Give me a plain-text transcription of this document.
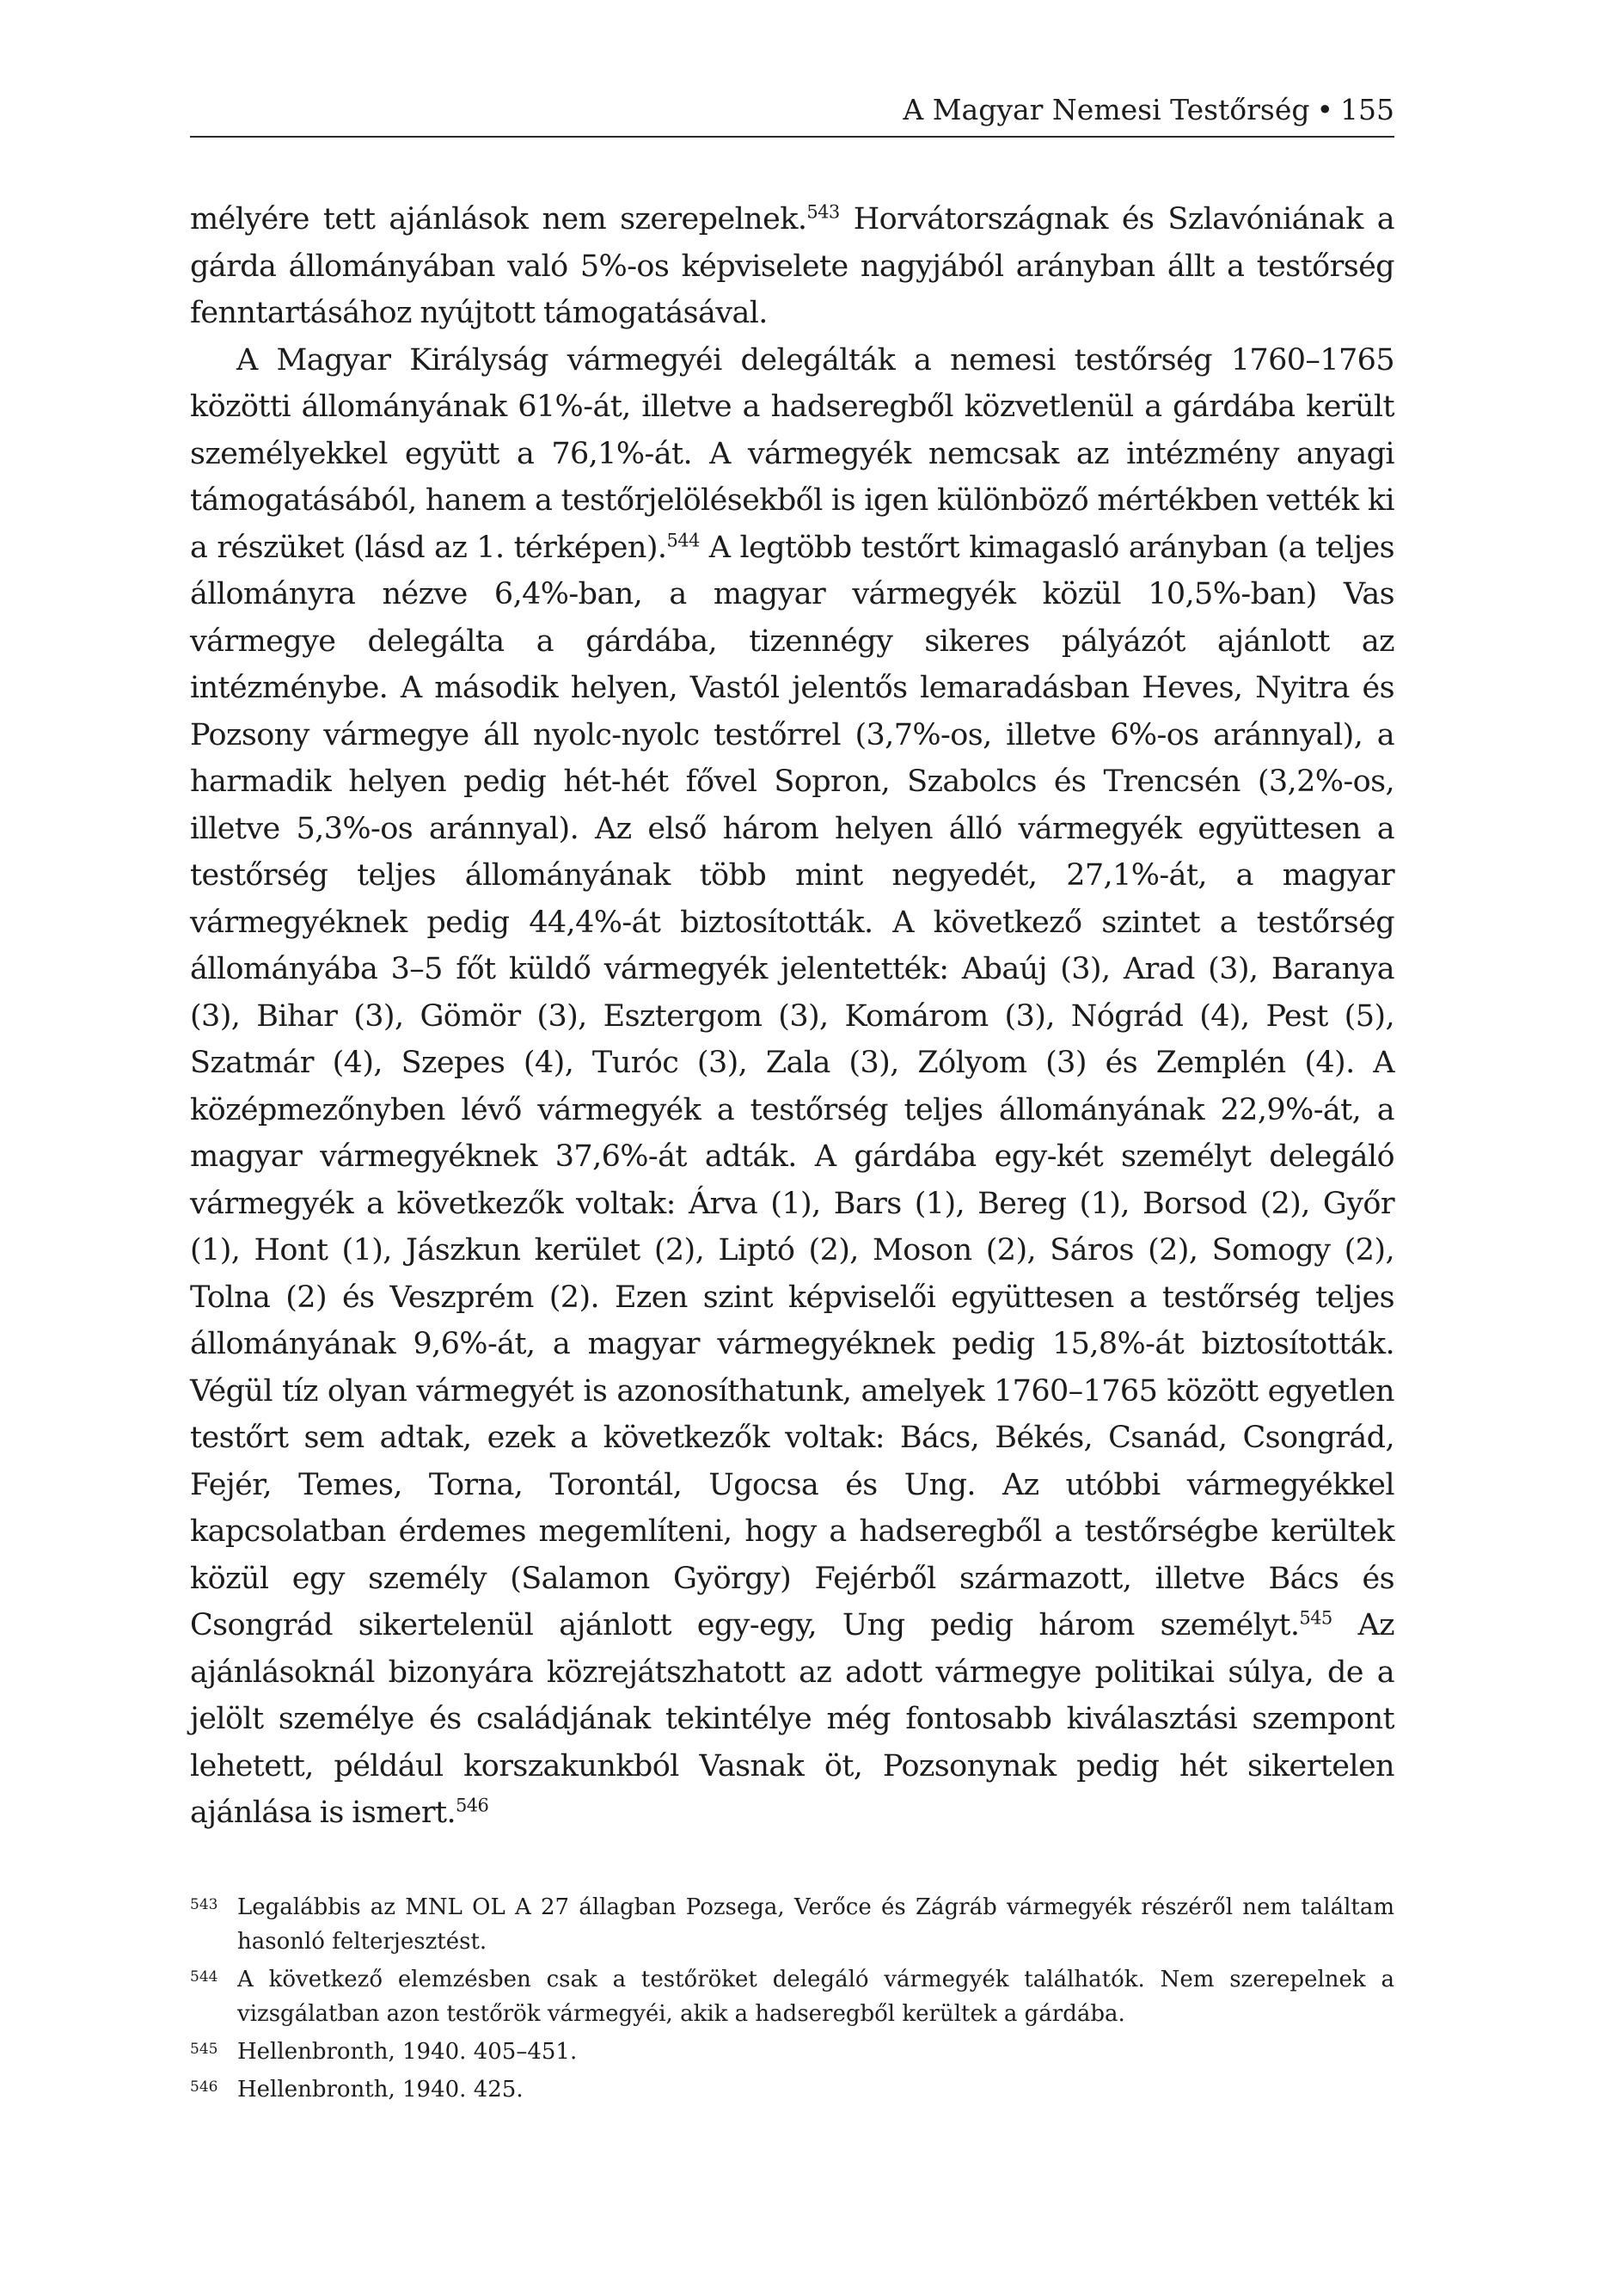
A Magyar Nemesi Testőrség • 155

mélyére tett ajánlások nem szerepelnek.$^{543}$ Horvátországnak és Szlavóniának a gárda állományában való 5%-os képviselete nagyjából arányban állt a testőrség fenntartásához nyújtott támogatásával.

A Magyar Királyság vármegyéi delegálták a nemesi testőrség 1760–1765 közötti állományának 61%-át, illetve a hadseregből közvetlenül a gárdába került személyekkel együtt a 76,1%-át. A vármegyék nemcsak az intézmény anyagi támogatásából, hanem a testőrjelölésekből is igen különböző mértékben vették ki a részüket (lásd az 1. térképen).$^{544}$ A legtöbb testőrt kimagasló arányban (a teljes állományra nézve 6,4%-ban, a magyar vármegyék közül 10,5%-ban) Vas vármegye delegálta a gárdába, tizennégy sikeres pályázót ajánlott az intézménybe. A második helyen, Vastól jelentős lemaradásban Heves, Nyitra és Pozsony vármegye áll nyolc-nyolc testőrrel (3,7%-os, illetve 6%-os aránnyal), a harmadik helyen pedig hét-hét fővel Sopron, Szabolcs és Trencsén (3,2%-os, illetve 5,3%-os aránnyal). Az első három helyen álló vármegyék együttesen a testőrség teljes állományának több mint negyedét, 27,1%-át, a magyar vármegyéknek pedig 44,4%-át biztosították. A következő szintet a testőrség állományába 3–5 főt küldő vármegyék jelentették: Abaúj (3), Arad (3), Baranya (3), Bihar (3), Gömör (3), Esztergom (3), Komárom (3), Nógrád (4), Pest (5), Szatmár (4), Szepes (4), Turóc (3), Zala (3), Zólyom (3) és Zemplén (4). A középmezőnyben lévő vármegyék a testőrség teljes állományának 22,9%-át, a magyar vármegyéknek 37,6%-át adták. A gárdába egy-két személyt delegáló vármegyék a következők voltak: Árva (1), Bars (1), Bereg (1), Borsod (2), Győr (1), Hont (1), Jászkun kerület (2), Liptó (2), Moson (2), Sáros (2), Somogy (2), Tolna (2) és Veszprém (2). Ezen szint képviselői együttesen a testőrség teljes állományának 9,6%-át, a magyar vármegyéknek pedig 15,8%-át biztosították. Végül tíz olyan vármegyét is azonosíthatunk, amelyek 1760–1765 között egyetlen testőrt sem adtak, ezek a következők voltak: Bács, Békés, Csanád, Csongrád, Fejér, Temes, Torna, Torontál, Ugocsa és Ung. Az utóbbi vármegyékkel kapcsolatban érdemes megemlíteni, hogy a hadseregből a testőrségbe kerültek közül egy személy (Salamon György) Fejérből származott, illetve Bács és Csongrád sikertelenül ajánlott egy-egy, Ung pedig három személyt.$^{545}$ Az ajánlásoknál bizonyára közrejátszhatott az adott vármegye politikai súlya, de a jelölt személye és családjának tekintélye még fontosabb kiválasztási szempont lehetett, például korszakunkból Vasnak öt, Pozsonynak pedig hét sikertelen ajánlása is ismert.$^{546}$

543 Legalábbis az MNL OL A 27 állagban Pozsega, Verőce és Zágráb vármegyék részéről nem találtam hasonló felterjesztést.
544 A következő elemzésben csak a testőröket delegáló vármegyék találhatók. Nem szerepelnek a vizsgálatban azon testőrök vármegyéi, akik a hadseregből kerültek a gárdába.
545 Hellenbronth, 1940. 405–451.
546 Hellenbronth, 1940. 425.
